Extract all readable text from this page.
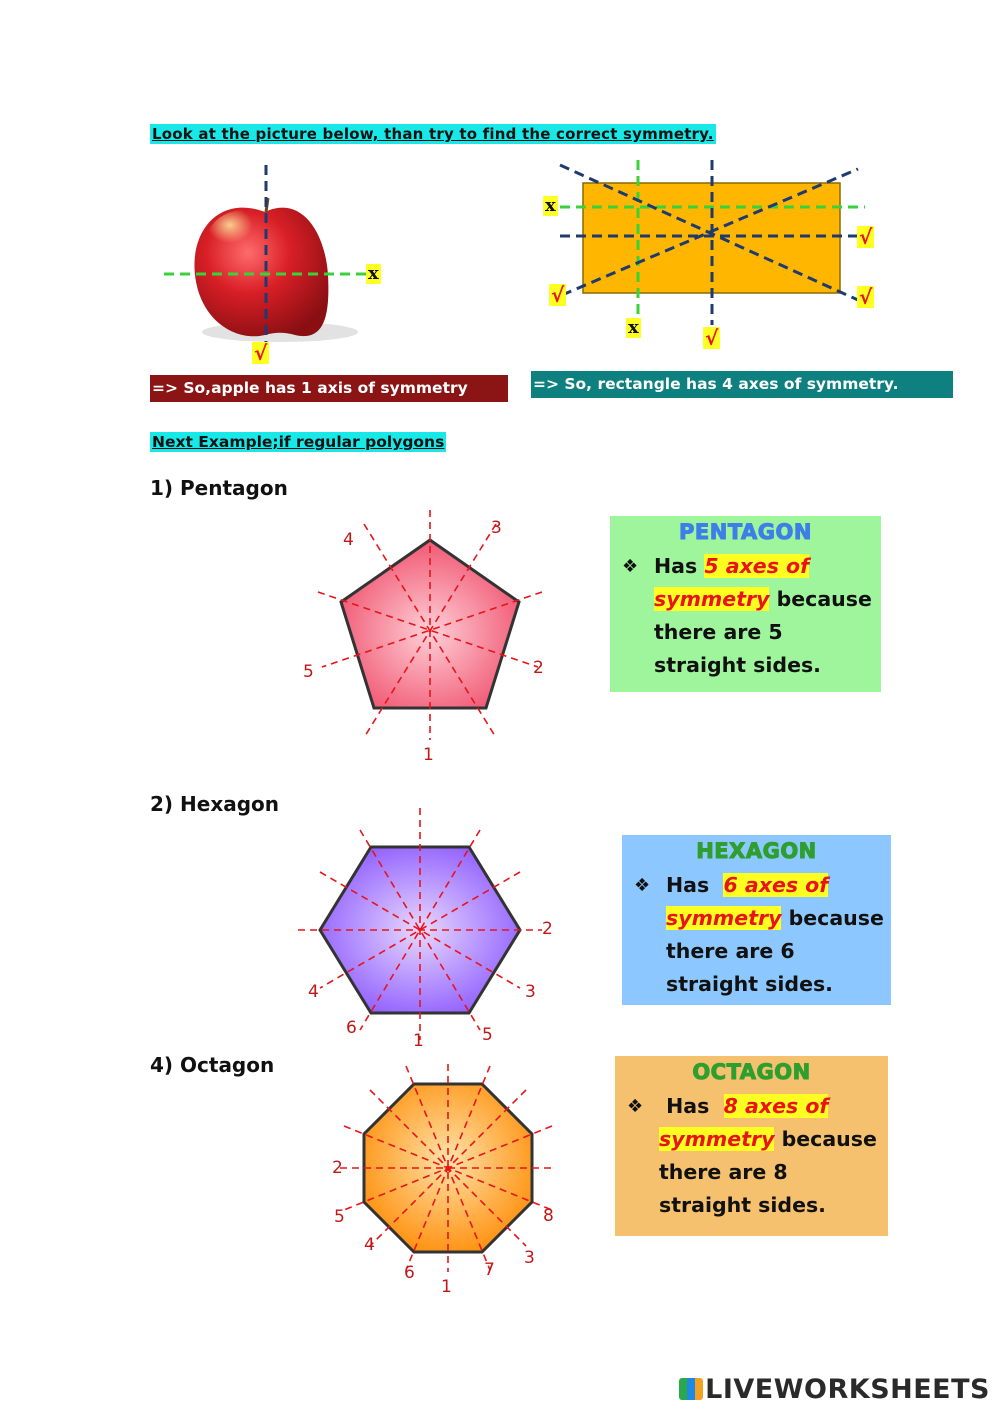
Look at the picture below, than try to find the correct symmetry.
x
√
x
x
√
√
√
√
=> So,apple has 1 axis of symmetry	=> So, rectangle has 4 axes of symmetry.
Next Example;if regular polygons
1) Pentagon
1
2
3
4
5
PENTAGON
❖ Has 5 axes of
symmetry because
there are 5
straight sides.
2) Hexagon
1
2
3
4
5
6
HEXAGON
❖ Has 6 axes of
symmetry because
there are 6
straight sides.
4) Octagon
1
2
3
4
5
6	7
8
OCTAGON
❖ Has 8 axes of
symmetry because
there are 8
straight sides.
LIVEWORKSHEETS
